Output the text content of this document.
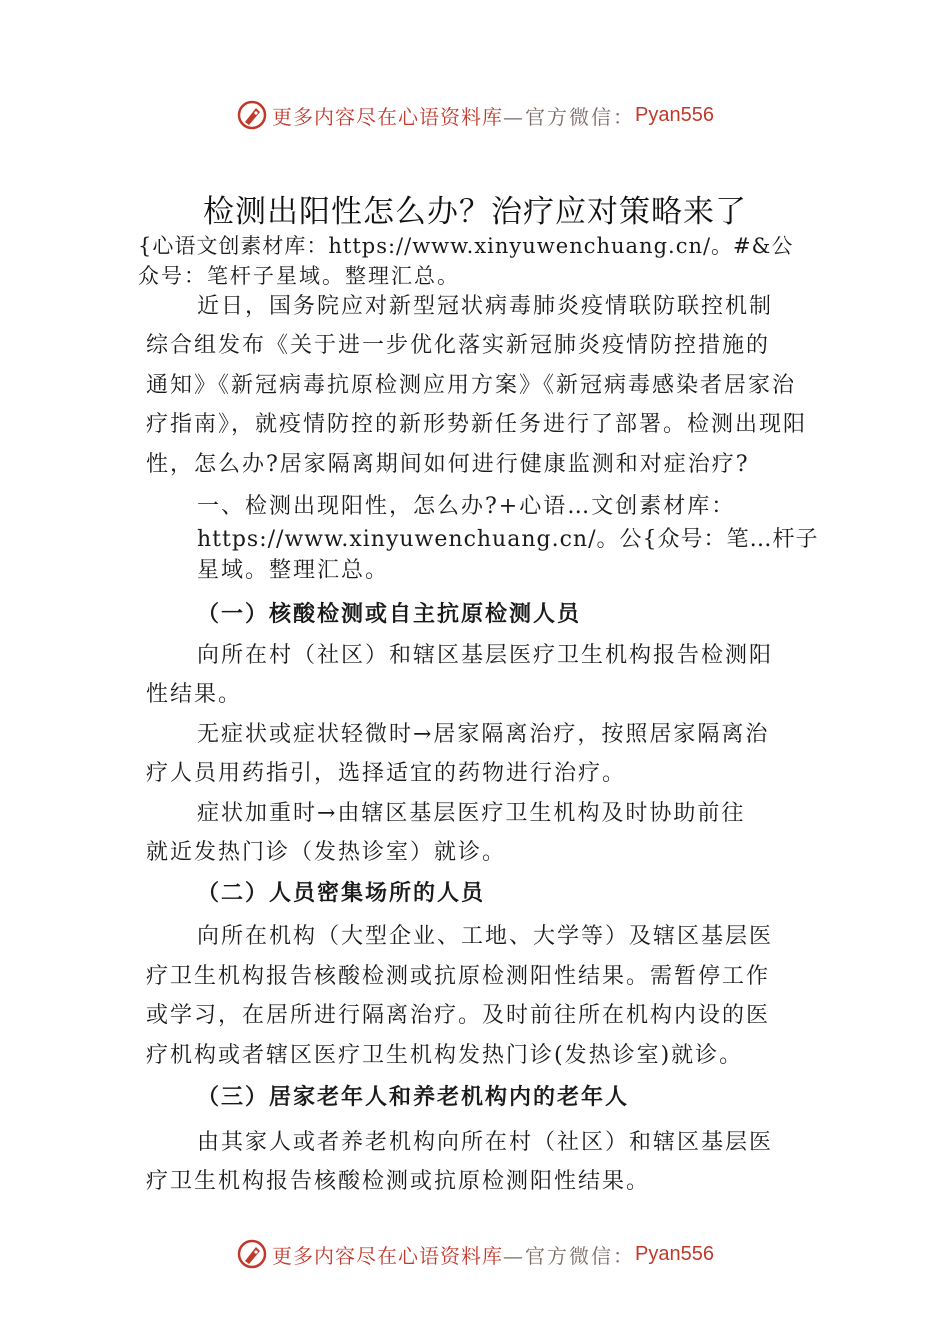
更多内容尽在心语资料库 —官方微信： Pyan556
检测出阳性怎么办？治疗应对策略来了
{心语文创素材库：https://www.xinyuwenchuang.cn/。#&公
众号：笔杆子星域。整理汇总。
近日，国务院应对新型冠状病毒肺炎疫情联防联控机制
综合组发布《关于进一步优化落实新冠肺炎疫情防控措施的
通知》《新冠病毒抗原检测应用方案》《新冠病毒感染者居家治
疗指南》，就疫情防控的新形势新任务进行了部署。检测出现阳
性，怎么办?居家隔离期间如何进行健康监测和对症治疗?
一、检测出现阳性，怎么办?+心语…文创素材库：
https://www.xinyuwenchuang.cn/。公{众号：笔…杆子
星域。整理汇总。
（一）核酸检测或自主抗原检测人员
向所在村（社区）和辖区基层医疗卫生机构报告检测阳
性结果。
无症状或症状轻微时→居家隔离治疗，按照居家隔离治
疗人员用药指引，选择适宜的药物进行治疗。
症状加重时→由辖区基层医疗卫生机构及时协助前往
就近发热门诊（发热诊室）就诊。
（二）人员密集场所的人员
向所在机构（大型企业、工地、大学等）及辖区基层医
疗卫生机构报告核酸检测或抗原检测阳性结果。需暂停工作
或学习，在居所进行隔离治疗。及时前往所在机构内设的医
疗机构或者辖区医疗卫生机构发热门诊(发热诊室)就诊。
（三）居家老年人和养老机构内的老年人
由其家人或者养老机构向所在村（社区）和辖区基层医
疗卫生机构报告核酸检测或抗原检测阳性结果。
更多内容尽在心语资料库 —官方微信： Pyan556
